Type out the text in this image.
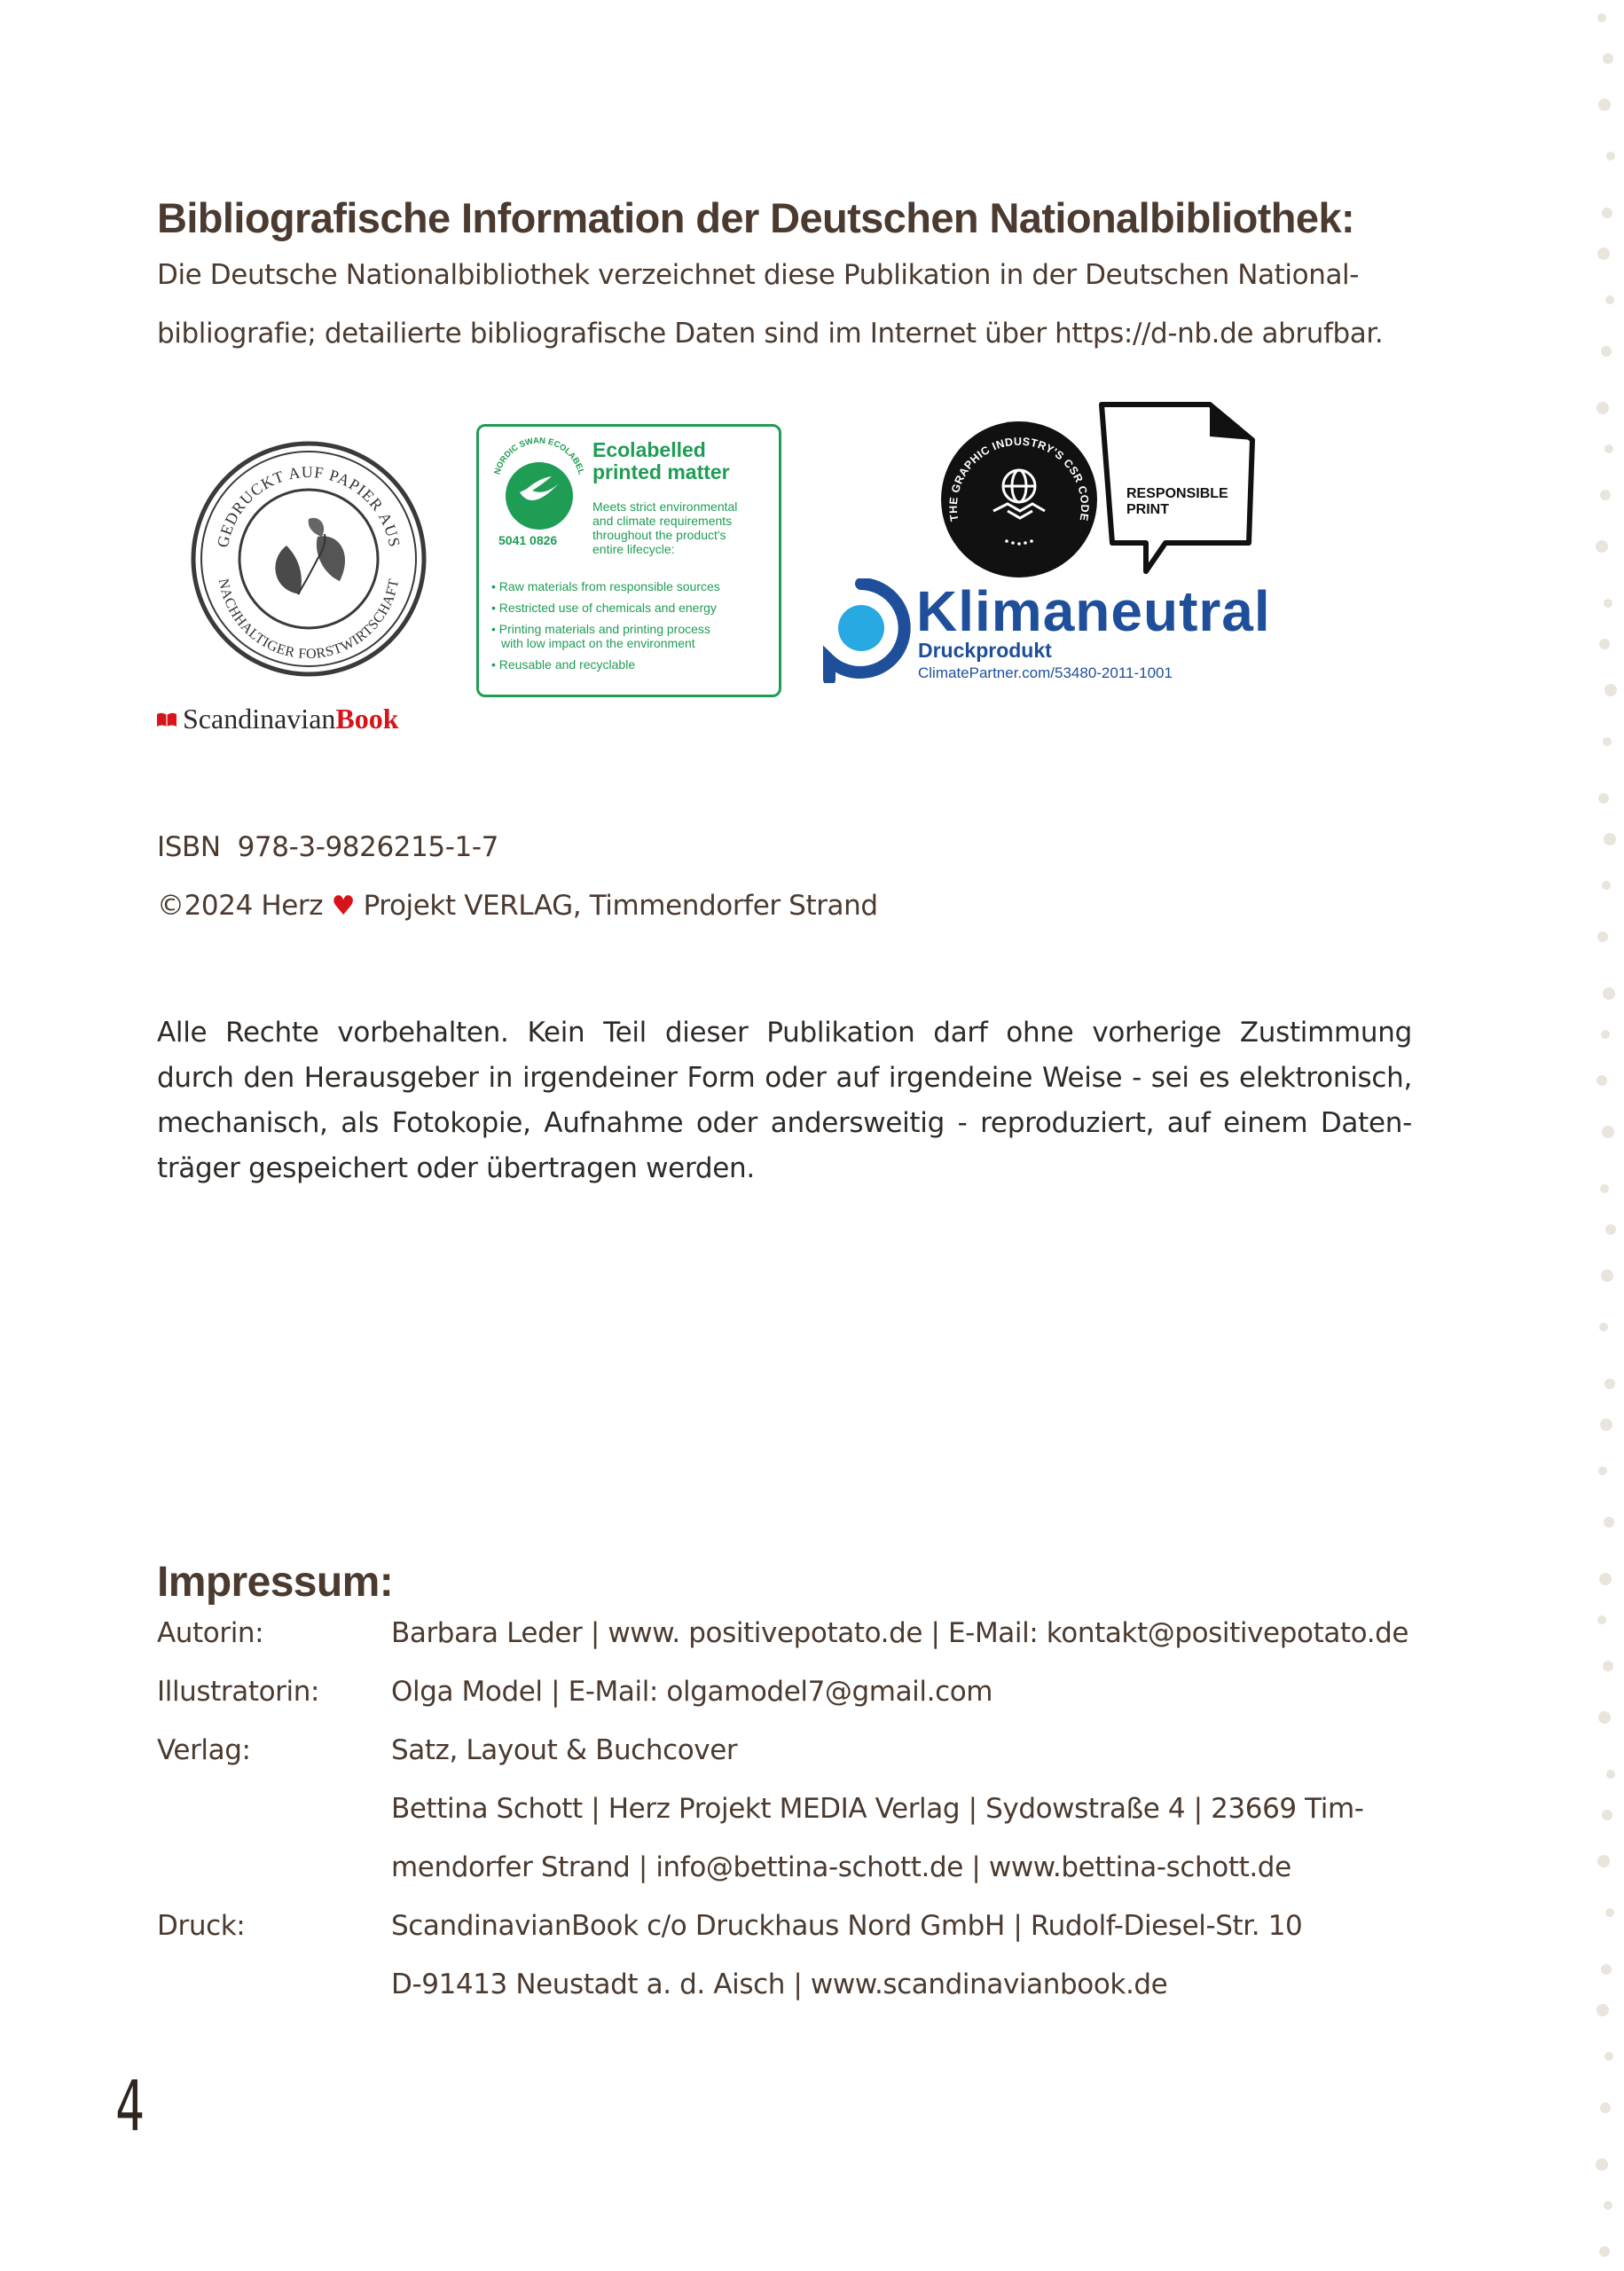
Bibliografische Information der Deutschen Nationalbibliothek:

Die Deutsche Nationalbibliothek verzeichnet diese Publikation in der Deutschen National-
bibliografie; detailierte bibliografische Daten sind im Internet über https://d-nb.de abrufbar.

GEDRUCKT AUF PAPIER AUS
NACHHALTIGER FORSTWIRTSCHAFT
NORDIC SWAN ECOLABEL
Ecolabelled
printed matter
Meets strict environmental
and climate requirements
throughout the product's
entire lifecycle:
5041 0826
• Raw materials from responsible sources
• Restricted use of chemicals and energy
• Printing materials and printing process
with low impact on the environment
• Reusable and recyclable
THE GRAPHIC INDUSTRY'S CSR CODE
RESPONSIBLE
PRINT
Klimaneutral
Druckprodukt
ClimatePartner.com/53480-2011-1001
Scandinavian Book
ISBN 978-3-9826215-1-7
©2024 Herz ♥ Projekt VERLAG, Timmendorfer Strand

Alle Rechte vorbehalten. Kein Teil dieser Publikation darf ohne vorherige Zustimmung
durch den Herausgeber in irgendeiner Form oder auf irgendeine Weise - sei es elektronisch,
mechanisch, als Fotokopie, Aufnahme oder andersweitig - reproduziert, auf einem Daten-
träger gespeichert oder übertragen werden.

Impressum:
Autorin:	Barbara Leder | www. positivepotato.de | E-Mail: kontakt@positivepotato.de
Illustratorin:	Olga Model | E-Mail: olgamodel7@gmail.com
Verlag:	Satz, Layout & Buchcover
Bettina Schott | Herz Projekt MEDIA Verlag | Sydowstraße 4 | 23669 Tim-
mendorfer Strand | info@bettina-schott.de | www.bettina-schott.de
Druck:	ScandinavianBook c/o Druckhaus Nord GmbH | Rudolf-Diesel-Str. 10
D-91413 Neustadt a. d. Aisch | www.scandinavianbook.de
4
